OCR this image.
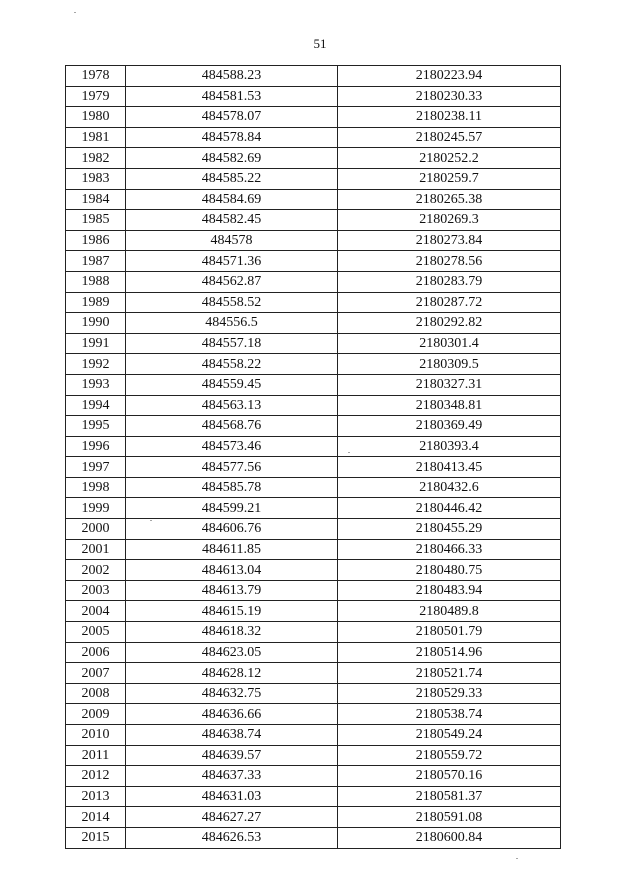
51
1978	484588.23	2180223.94
1979	484581.53	2180230.33
1980	484578.07	2180238.11
1981	484578.84	2180245.57
1982	484582.69	2180252.2
1983	484585.22	2180259.7
1984	484584.69	2180265.38
1985	484582.45	2180269.3
1986	484578	2180273.84
1987	484571.36	2180278.56
1988	484562.87	2180283.79
1989	484558.52	2180287.72
1990	484556.5	2180292.82
1991	484557.18	2180301.4
1992	484558.22	2180309.5
1993	484559.45	2180327.31
1994	484563.13	2180348.81
1995	484568.76	2180369.49
1996	484573.46	2180393.4
1997	484577.56	2180413.45
1998	484585.78	2180432.6
1999	484599.21	2180446.42
2000	484606.76	2180455.29
2001	484611.85	2180466.33
2002	484613.04	2180480.75
2003	484613.79	2180483.94
2004	484615.19	2180489.8
2005	484618.32	2180501.79
2006	484623.05	2180514.96
2007	484628.12	2180521.74
2008	484632.75	2180529.33
2009	484636.66	2180538.74
2010	484638.74	2180549.24
2011	484639.57	2180559.72
2012	484637.33	2180570.16
2013	484631.03	2180581.37
2014	484627.27	2180591.08
2015	484626.53	2180600.84
